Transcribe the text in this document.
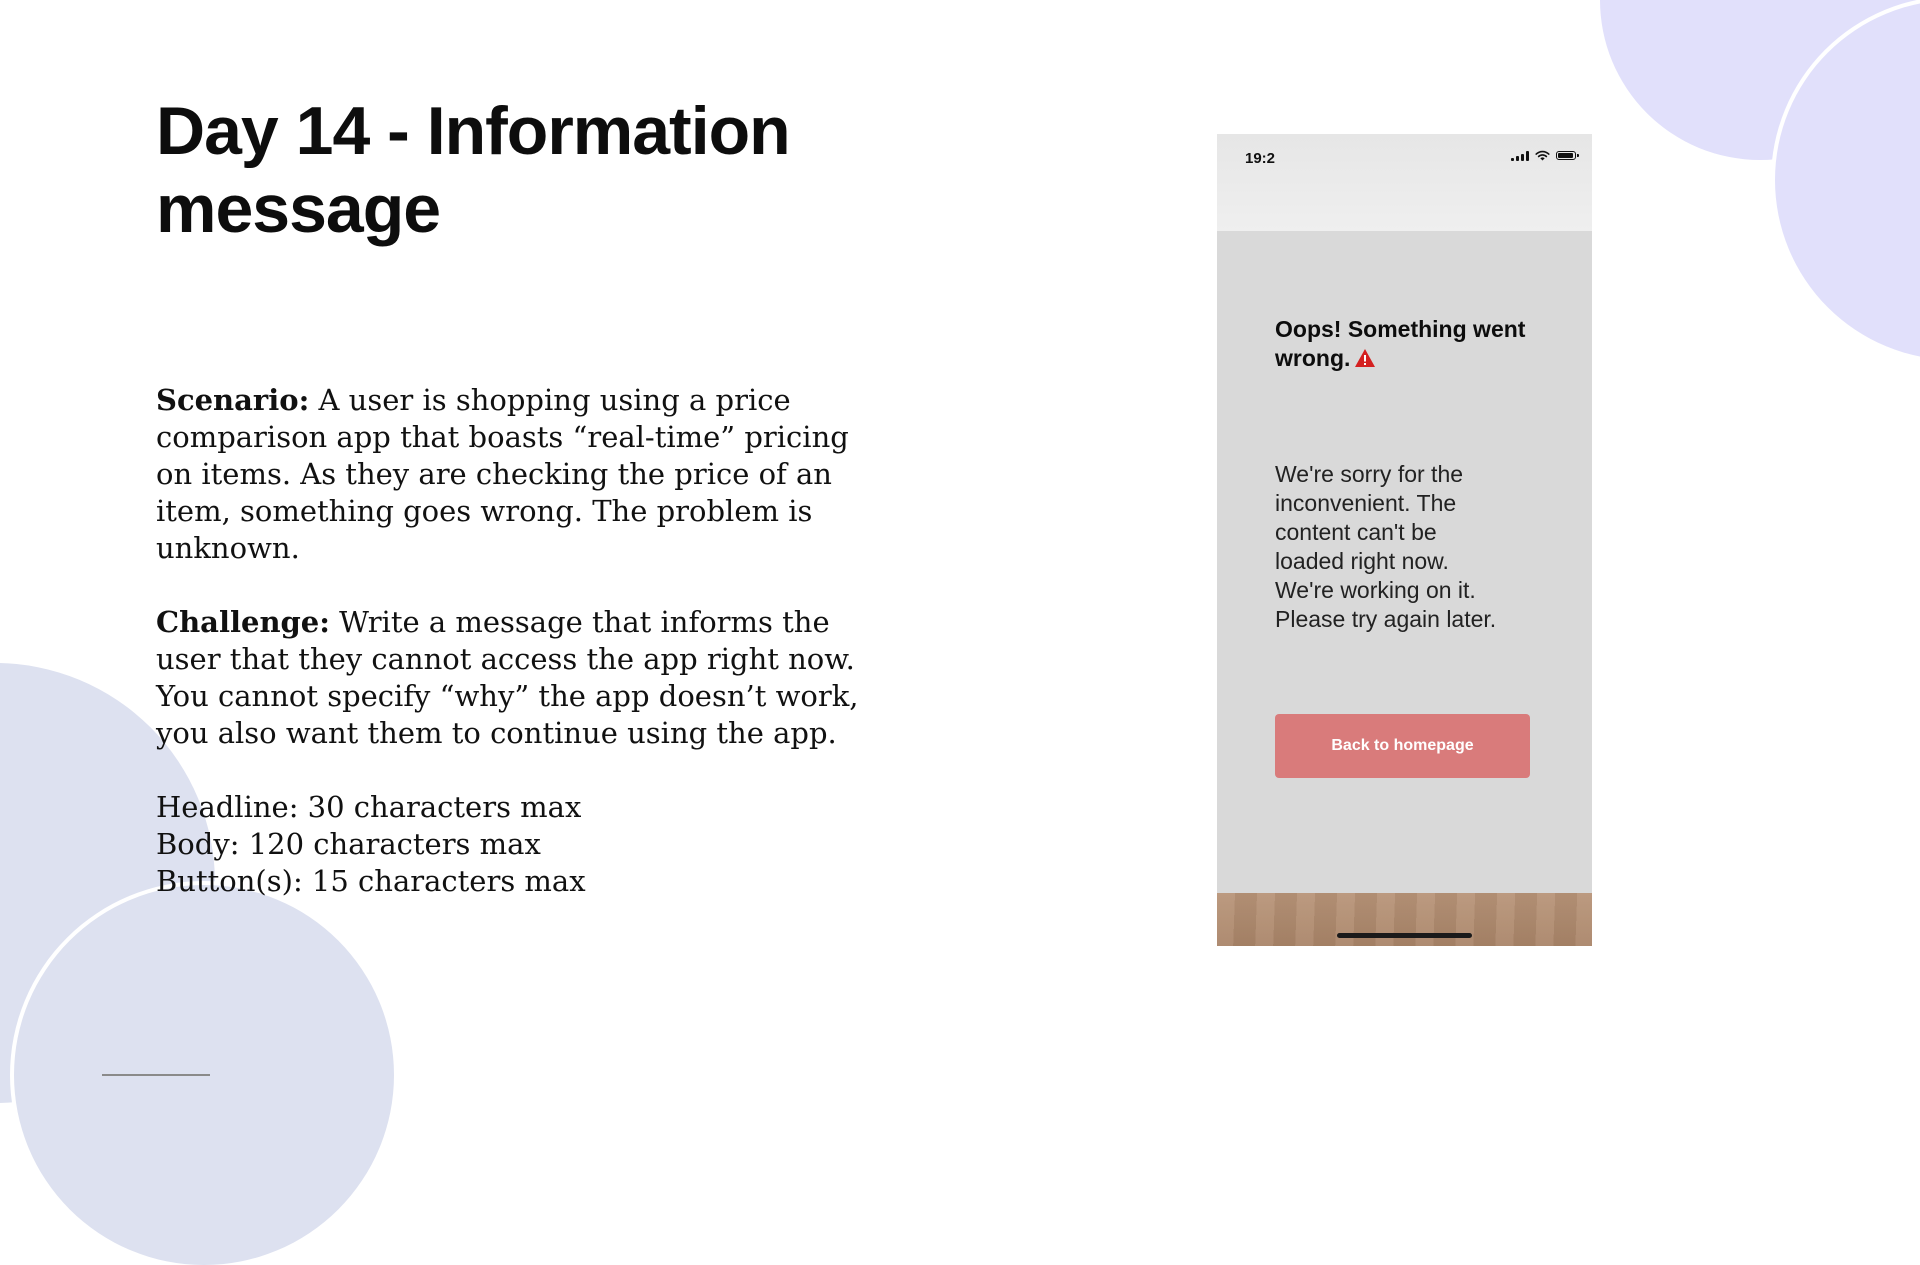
Day 14 - Information message

Scenario: A user is shopping using a price comparison app that boasts “real-time” pricing on items. As they are checking the price of an item, something goes wrong. The problem is unknown.

Challenge: Write a message that informs the user that they cannot access the app right now. You cannot specify “why” the app doesn’t work, you also want them to continue using the app.

Headline: 30 characters max

Body: 120 characters max

Button(s): 15 characters max

19:2
Oops! Something went wrong.

We're sorry for the
inconvenient. The
content can't be
loaded right now.
We're working on it.
Please try again later.

Back to homepage
